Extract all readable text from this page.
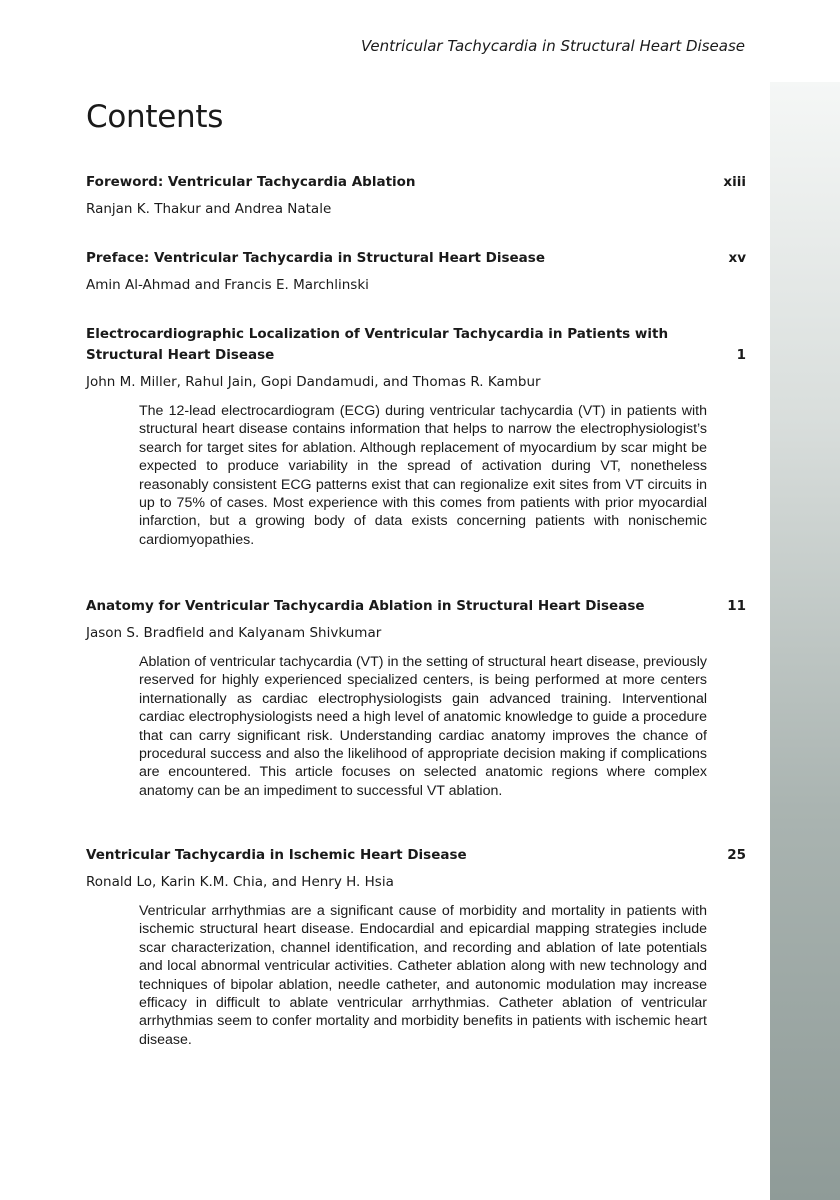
Ventricular Tachycardia in Structural Heart Disease
Contents
Foreword: Ventricular Tachycardia Ablation	xiii
Ranjan K. Thakur and Andrea Natale
Preface: Ventricular Tachycardia in Structural Heart Disease	xv
Amin Al-Ahmad and Francis E. Marchlinski
Electrocardiographic Localization of Ventricular Tachycardia in Patients with Structural Heart Disease	1
John M. Miller, Rahul Jain, Gopi Dandamudi, and Thomas R. Kambur
The 12-lead electrocardiogram (ECG) during ventricular tachycardia (VT) in patients with structural heart disease contains information that helps to narrow the electrophysiologist’s search for target sites for ablation. Although replacement of myocardium by scar might be expected to produce variability in the spread of activation during VT, nonetheless reasonably consistent ECG patterns exist that can regionalize exit sites from VT circuits in up to 75% of cases. Most experience with this comes from patients with prior myocardial infarction, but a growing body of data exists concerning patients with nonischemic cardiomyopathies.
Anatomy for Ventricular Tachycardia Ablation in Structural Heart Disease	11
Jason S. Bradfield and Kalyanam Shivkumar
Ablation of ventricular tachycardia (VT) in the setting of structural heart disease, previously reserved for highly experienced specialized centers, is being performed at more centers internationally as cardiac electrophysiologists gain advanced training. Interventional cardiac electrophysiologists need a high level of anatomic knowledge to guide a procedure that can carry significant risk. Understanding cardiac anatomy improves the chance of procedural success and also the likelihood of appropriate decision making if complications are encountered. This article focuses on selected anatomic regions where complex anatomy can be an impediment to successful VT ablation.
Ventricular Tachycardia in Ischemic Heart Disease	25
Ronald Lo, Karin K.M. Chia, and Henry H. Hsia
Ventricular arrhythmias are a significant cause of morbidity and mortality in patients with ischemic structural heart disease. Endocardial and epicardial mapping strategies include scar characterization, channel identification, and recording and ablation of late potentials and local abnormal ventricular activities. Catheter ablation along with new technology and techniques of bipolar ablation, needle catheter, and autonomic modulation may increase efficacy in difficult to ablate ventricular arrhythmias. Catheter ablation of ventricular arrhythmias seem to confer mortality and morbidity benefits in patients with ischemic heart disease.
